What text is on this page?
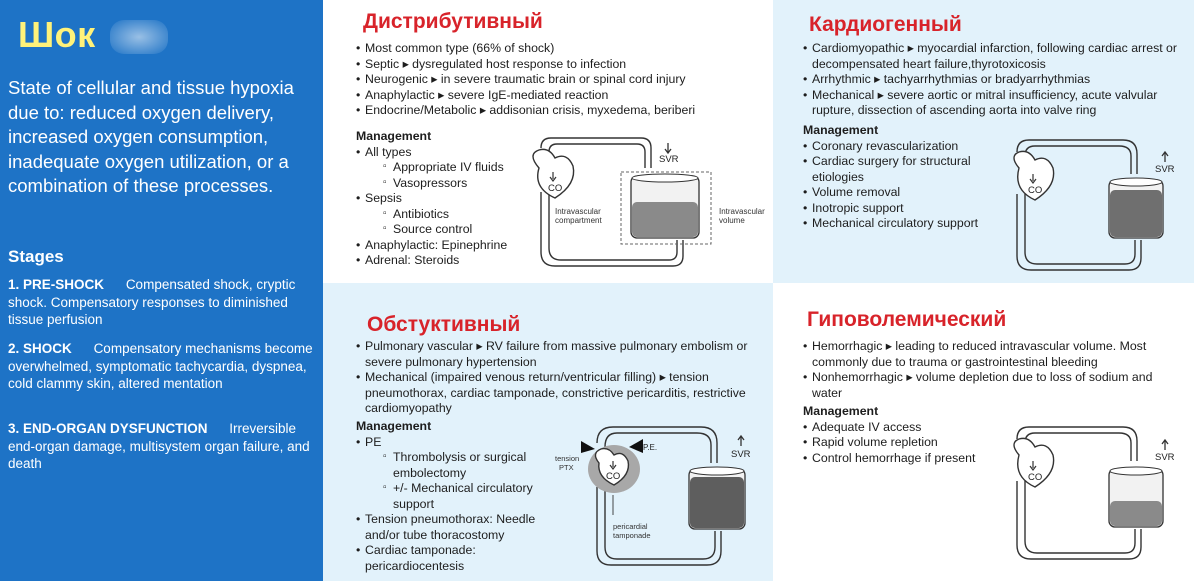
Шок
State of cellular and tissue hypoxia due to: reduced oxygen delivery, increased oxygen consumption, inadequate oxygen utilization, or a combination of these processes.
Stages
1. PRE-SHOCK Compensated shock, cryptic shock. Compensatory responses to diminished tissue perfusion
2. SHOCK Compensatory mechanisms become overwhelmed, symptomatic tachycardia, dyspnea, cold clammy skin, altered mentation
3. END-ORGAN DYSFUNCTION Irreversible end-organ damage, multisystem organ failure, and death
Дистрибутивный
• Most common type (66% of shock)
• Septic ▸ dysregulated host response to infection
• Neurogenic ▸ in severe traumatic brain or spinal cord injury
• Anaphylactic ▸ severe IgE-mediated reaction
• Endocrine/Metabolic ▸ addisonian crisis, myxedema, beriberi
Management
• All types
▫ Appropriate IV fluids
▫ Vasopressors
• Sepsis
▫ Antibiotics
▫ Source control
• Anaphylactic: Epinephrine
• Adrenal: Steroids
CO
SVR
Intravascular compartment
Intravascular volume
Кардиогенный
• Cardiomyopathic ▸ myocardial infarction, following cardiac arrest or decompensated heart failure,thyrotoxicosis
• Arrhythmic ▸ tachyarrhythmias or bradyarrhythmias
• Mechanical ▸ severe aortic or mitral insufficiency, acute valvular rupture, dissection of ascending aorta into valve ring
Management
• Coronary revascularization
• Cardiac surgery for structural etiologies
• Volume removal
• Inotropic support
• Mechanical circulatory support
CO
SVR
Обстуктивный
• Pulmonary vascular ▸ RV failure from massive pulmonary embolism or severe pulmonary hypertension
• Mechanical (impaired venous return/ventricular filling) ▸ tension pneumothorax, cardiac tamponade, constrictive pericarditis, restrictive cardiomyopathy
Management
• PE
▫ Thrombolysis or surgical embolectomy
▫ +/- Mechanical circulatory support
• Tension pneumothorax: Needle and/or tube thoracostomy
• Cardiac tamponade: pericardiocentesis
CO
P.E.
tension PTX
pericardial tamponade
SVR
Гиповолемический
• Hemorrhagic ▸ leading to reduced intravascular volume. Most commonly due to trauma or gastrointestinal bleeding
• Nonhemorrhagic ▸ volume depletion due to loss of sodium and water
Management
• Adequate IV access
• Rapid volume repletion
• Control hemorrhage if present
CO
SVR
